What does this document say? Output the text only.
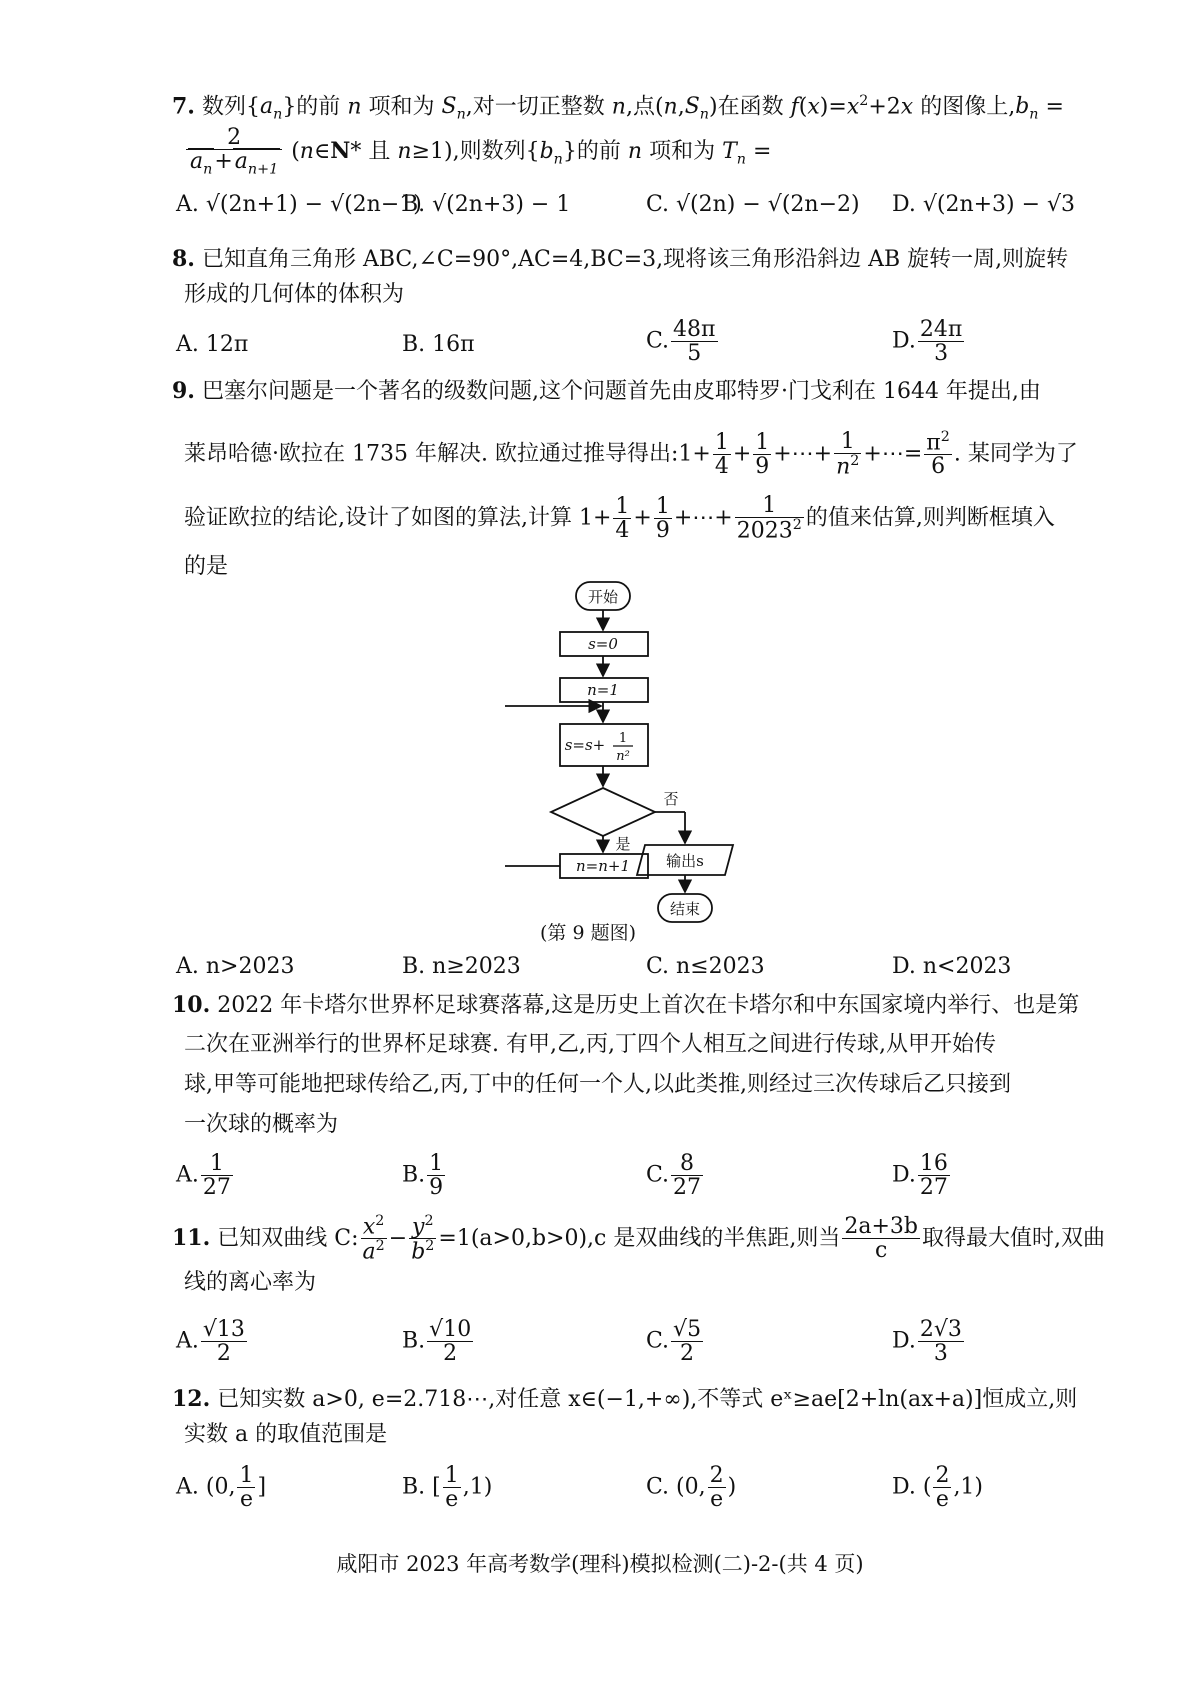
7. 数列$\{a_n\}$的前 n 项和为 $S_n$,对一切正整数 n,点$(n,S_n)$在函数 $f(x)=x^2+2x$ 的图像上$,b_n$ =
$\frac{2}{a_n+a_{n+1}}$ (n∈N* 且 n≥1),则数列$\{b_n\}$的前 n 项和为 $T_n$ =
A. √(2n+1) − √(2n−1)
B. √(2n+3) − 1	C. √(2n) − √(2n−2) D. √(2n+3) − √3
8. 已知直角三角形 ABC,∠C=90°,AC=4,BC=3,现将该三角形沿斜边 AB 旋转一周,则旋转
形成的几何体的体积为
A. 12π	B. 16π	C. $\frac{48\pi}{5}$	D. $\frac{24\pi}{3}$
9. 巴塞尔问题是一个著名的级数问题,这个问题首先由皮耶特罗·门戈利在 1644 年提出,由
莱昂哈德·欧拉在 1735 年解决. 欧拉通过推导得出:1+ $\frac{1}{4} + \frac{1}{9}$ +⋯+ $\frac{1}{n^2}$ +⋯= $\frac{\pi^2}{6}$ . 某同学为了
验证欧拉的结论,设计了如图的算法,计算 $1+ \frac{1}{4} + \frac{1}{9}$ +⋯+ $\frac{1}{2023^2}$ 的值来估算,则判断框填入
的是
开始
s=0
n=1
s=s+ 1
n²
否
是
n=n+1 输出s
结束
(第 9 题图)
A. n>2023	B. n≥2023	C. n≤2023	D. n<2023
10. 2022 年卡塔尔世界杯足球赛落幕,这是历史上首次在卡塔尔和中东国家境内举行、也是第
二次在亚洲举行的世界杯足球赛. 有甲,乙,丙,丁四个人相互之间进行传球,从甲开始传
球,甲等可能地把球传给乙,丙,丁中的任何一个人,以此类推,则经过三次传球后乙只接到
一次球的概率为
A. $\frac{1}{27}$	B. $\frac{1}{9}$	C. $\frac{8}{27}$	D. $\frac{16}{27}$
11. 已知双曲线 C: $\frac{x^2}{a^2} - \frac{y^2}{b^2} =1(a>0,b>0),c$ 是双曲线的半焦距,则当 $\frac{2a+3b}{c}$ 取得最大值时,双曲
线的离心率为
A. $\frac{√13}{2}$	B. $\frac{√10}{2}$	C. $\frac{√5}{2}$	D. $\frac{2√3}{3}$
12. 已知实数 a>0, e=2.718⋯,对任意 x∈(−1,+∞),不等式 eˣ≥ae[2+ln(ax+a)]恒成立,则
实数 a 的取值范围是
A. (0, $\frac{1}{e}$ ]	B. [ $\frac{1}{e} ,1$)	C. (0, $\frac{2}{e}$ )	D. ( $\frac{2}{e} ,1$)
咸阳市 2023 年高考数学(理科)模拟检测(二)-2-(共 4 页)
